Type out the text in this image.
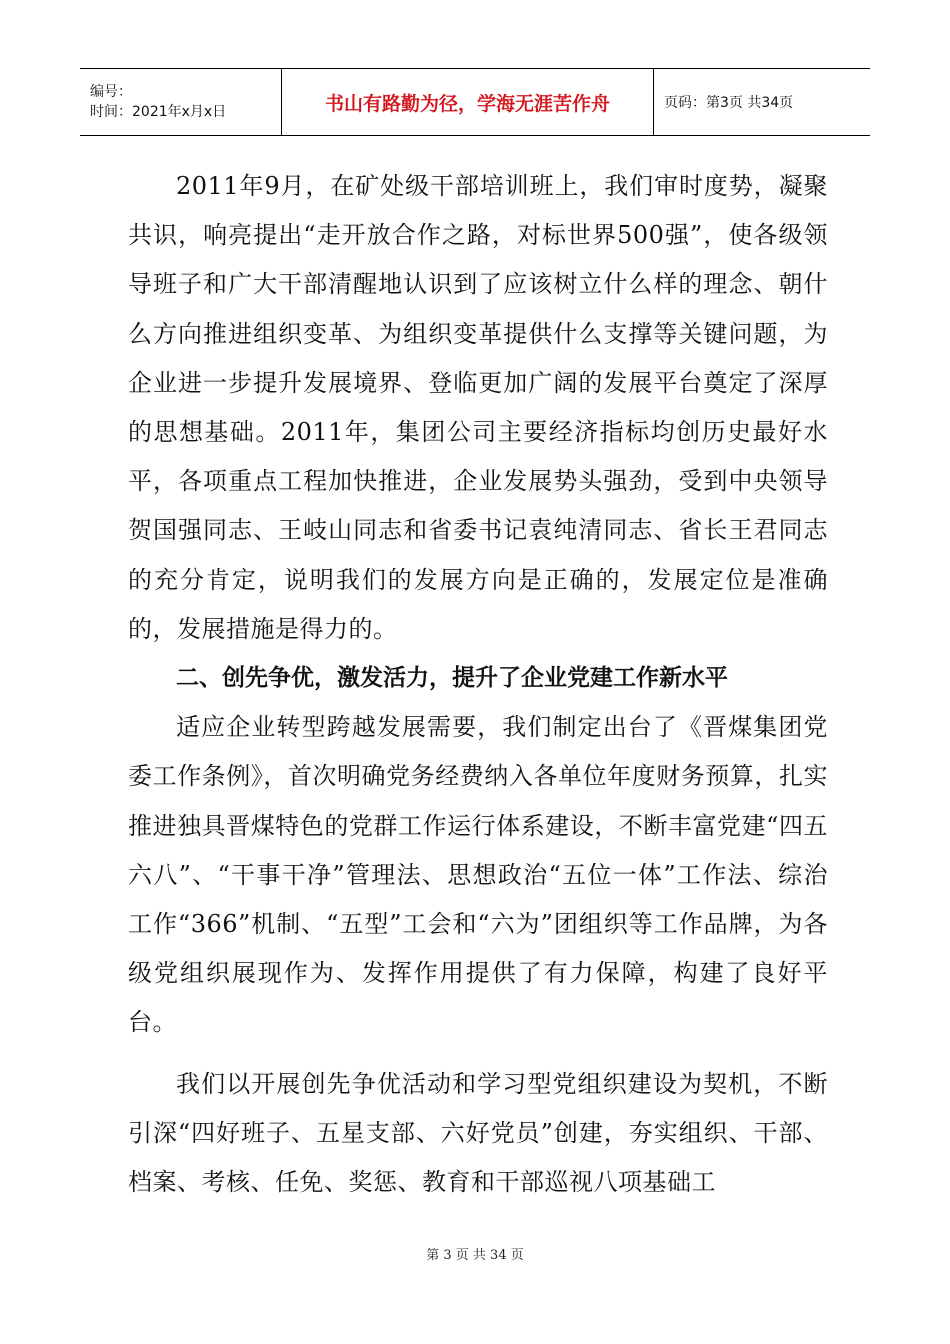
编号：
时间：2021年x月x日	书山有路勤为径，学海无涯苦作舟	页码：第3页 共34页

2011年9月，在矿处级干部培训班上，我们审时度势，凝聚共识，响亮提出“走开放合作之路，对标世界500强”，使各级领导班子和广大干部清醒地认识到了应该树立什么样的理念、朝什么方向推进组织变革、为组织变革提供什么支撑等关键问题，为企业进一步提升发展境界、登临更加广阔的发展平台奠定了深厚的思想基础。2011年，集团公司主要经济指标均创历史最好水平，各项重点工程加快推进，企业发展势头强劲，受到中央领导贺国强同志、王岐山同志和省委书记袁纯清同志、省长王君同志的充分肯定，说明我们的发展方向是正确的，发展定位是准确的，发展措施是得力的。

二、创先争优，激发活力，提升了企业党建工作新水平

适应企业转型跨越发展需要，我们制定出台了《晋煤集团党委工作条例》，首次明确党务经费纳入各单位年度财务预算，扎实推进独具晋煤特色的党群工作运行体系建设，不断丰富党建“四五六八”、“干事干净”管理法、思想政治“五位一体”工作法、综治工作“366”机制、“五型”工会和“六为”团组织等工作品牌，为各级党组织展现作为、发挥作用提供了有力保障，构建了良好平台。

我们以开展创先争优活动和学习型党组织建设为契机，不断引深“四好班子、五星支部、六好党员”创建，夯实组织、干部、档案、考核、任免、奖惩、教育和干部巡视八项基础工

第 3 页 共 34 页
